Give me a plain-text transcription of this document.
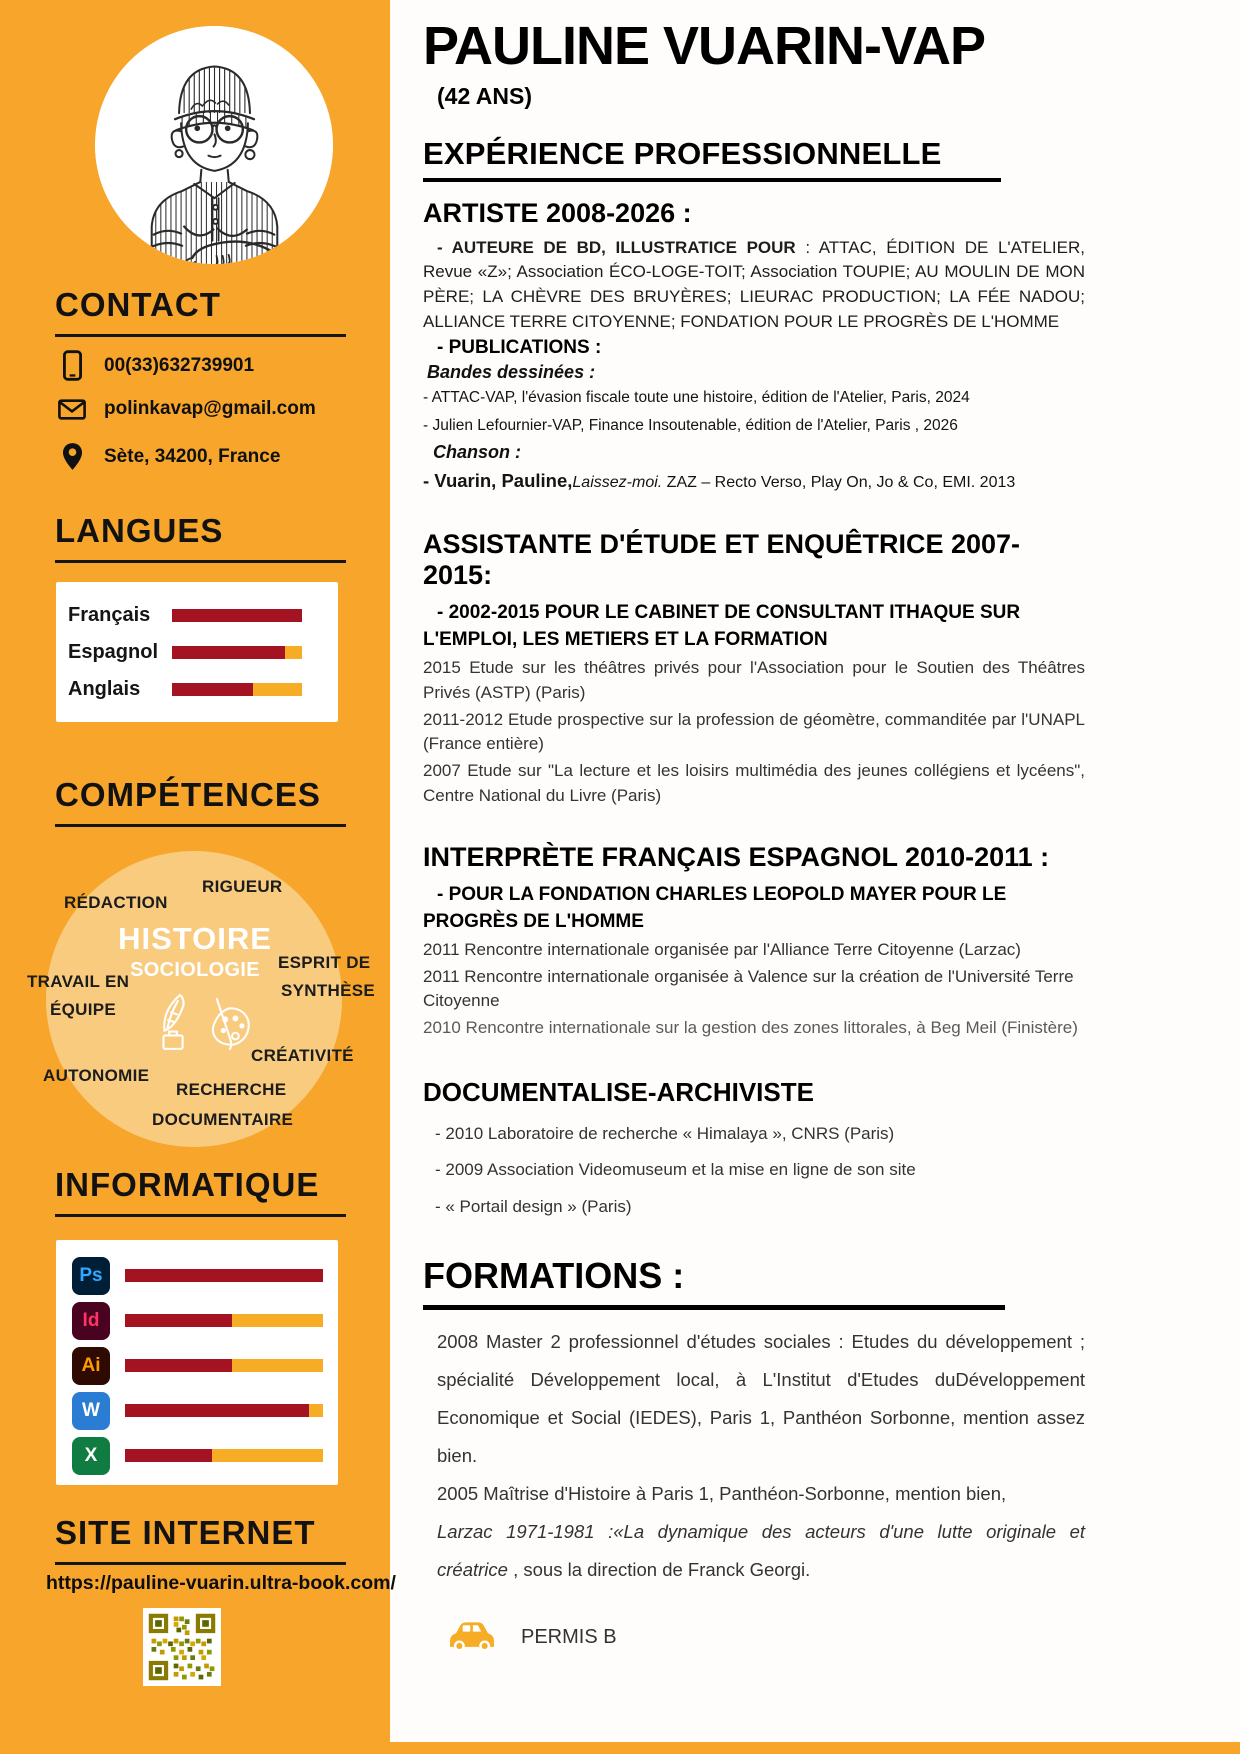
CONTACT
00(33)632739901
polinkavap@gmail.com
Sète, 34200, France
LANGUES
Français
Espagnol
Anglais
COMPÉTENCES

RÉDACTION

RIGUEUR

HISTOIRE

SOCIOLOGIE ESPRIT DE

SYNTHÈSE

TRAVAIL EN

ÉQUIPE

AUTONOMIE

CRÉATIVITÉ

RECHERCHE

DOCUMENTAIRE

INFORMATIQUE
Ps
Id
Ai
W
X
SITE INTERNET

https://pauline-vuarin.ultra-book.com/

PAULINE VUARIN-VAP
(42 ANS)
EXPÉRIENCE PROFESSIONNELLE
ARTISTE 2008-2026 :

- AUTEURE DE BD, ILLUSTRATICE POUR : ATTAC, ÉDITION DE L'ATELIER, Revue «Z»; Association ÉCO-LOGE-TOIT; Association TOUPIE; AU MOULIN DE MON PÈRE; LA CHÈVRE DES BRUYÈRES; LIEURAC PRODUCTION; LA FÉE NADOU; ALLIANCE TERRE CITOYENNE; FONDATION POUR LE PROGRÈS DE L'HOMME

- PUBLICATIONS :

Bandes dessinées :

- ATTAC-VAP, l'évasion fiscale toute une histoire, édition de l'Atelier, Paris, 2024

- Julien Lefournier-VAP, Finance Insoutenable, édition de l'Atelier, Paris , 2026

Chanson :

- Vuarin, Pauline,Laissez-moi. ZAZ – Recto Verso, Play On, Jo & Co, EMI. 2013

ASSISTANTE D'ÉTUDE ET ENQUÊTRICE 2007-2015:

- 2002-2015 POUR LE CABINET DE CONSULTANT ITHAQUE SUR L'EMPLOI, LES METIERS ET LA FORMATION

2015 Etude sur les théâtres privés pour l'Association pour le Soutien des Théâtres Privés (ASTP) (Paris)

2011-2012 Etude prospective sur la profession de géomètre, commanditée par l'UNAPL (France entière)

2007 Etude sur "La lecture et les loisirs multimédia des jeunes collégiens et lycéens", Centre National du Livre (Paris)

INTERPRÈTE FRANÇAIS ESPAGNOL 2010-2011 :

- POUR LA FONDATION CHARLES LEOPOLD MAYER POUR LE PROGRÈS DE L'HOMME

2011 Rencontre internationale organisée par l'Alliance Terre Citoyenne (Larzac)

2011 Rencontre internationale organisée à Valence sur la création de l'Université Terre Citoyenne

2010 Rencontre internationale sur la gestion des zones littorales, à Beg Meil (Finistère)

DOCUMENTALISE-ARCHIVISTE

- 2010 Laboratoire de recherche « Himalaya », CNRS (Paris)

- 2009 Association Videomuseum et la mise en ligne de son site

- « Portail design » (Paris)

FORMATIONS :

2008 Master 2 professionnel d'études sociales : Etudes du développement ; spécialité Développement local, à L'Institut d'Etudes duDéveloppement Economique et Social (IEDES), Paris 1, Panthéon Sorbonne, mention assez bien.

2005 Maîtrise d'Histoire à Paris 1, Panthéon-Sorbonne, mention bien,
Larzac 1971-1981 :«La dynamique des acteurs d'une lutte originale et créatrice , sous la direction de Franck Georgi.

PERMIS B
